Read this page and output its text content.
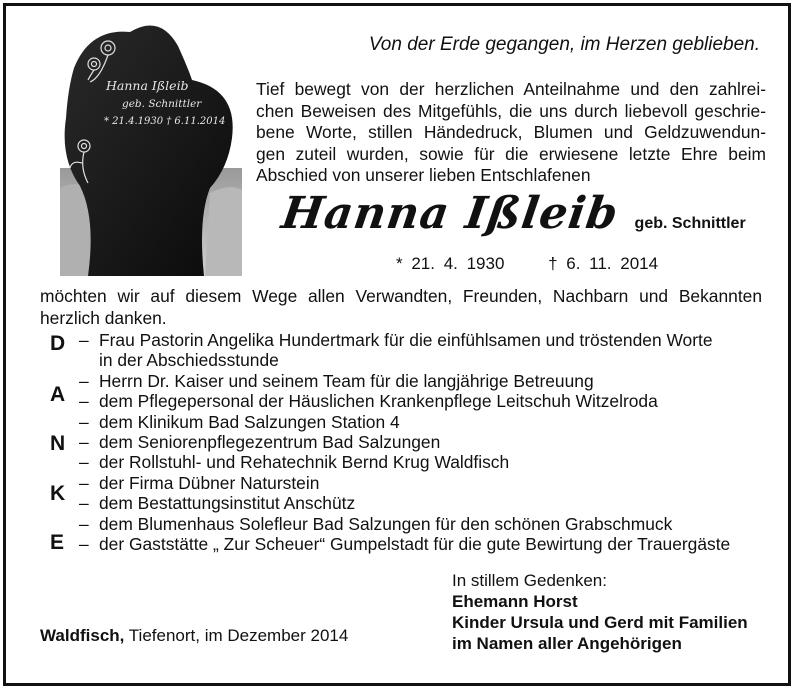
Hanna Ißleib
geb. Schnittler
* 21.4.1930 † 6.11.2014
Von der Erde gegangen, im Herzen geblieben.
Tief bewegt von der herzlichen Anteilnahme und den zahlrei-
chen Beweisen des Mitgefühls, die uns durch liebevoll geschrie-
bene Worte, stillen Händedruck, Blumen und Geldzuwendun-
gen zuteil wurden, sowie für die erwiesene letzte Ehre beim
Abschied von unserer lieben Entschlafenen
Hanna Ißleib geb. Schnittler
* 21. 4. 1930	† 6. 11. 2014
möchten wir auf diesem Wege allen Verwandten, Freunden, Nachbarn und Bekannten
herzlich danken.
D
A
N
K
E
– Frau Pastorin Angelika Hundertmark für die einfühlsamen und tröstenden Worte
in der Abschiedsstunde
– Herrn Dr. Kaiser und seinem Team für die langjährige Betreuung
– dem Pflegepersonal der Häuslichen Krankenpflege Leitschuh Witzelroda
– dem Klinikum Bad Salzungen Station 4
– dem Seniorenpflegezentrum Bad Salzungen
– der Rollstuhl- und Rehatechnik Bernd Krug Waldfisch
– der Firma Dübner Naturstein
– dem Bestattungsinstitut Anschütz
– dem Blumenhaus Solefleur Bad Salzungen für den schönen Grabschmuck
– der Gaststätte „ Zur Scheuer“ Gumpelstadt für die gute Bewirtung der Trauergäste
In stillem Gedenken:
Ehemann Horst
Kinder Ursula und Gerd mit Familien
im Namen aller Angehörigen
Waldfisch, Tiefenort, im Dezember 2014
